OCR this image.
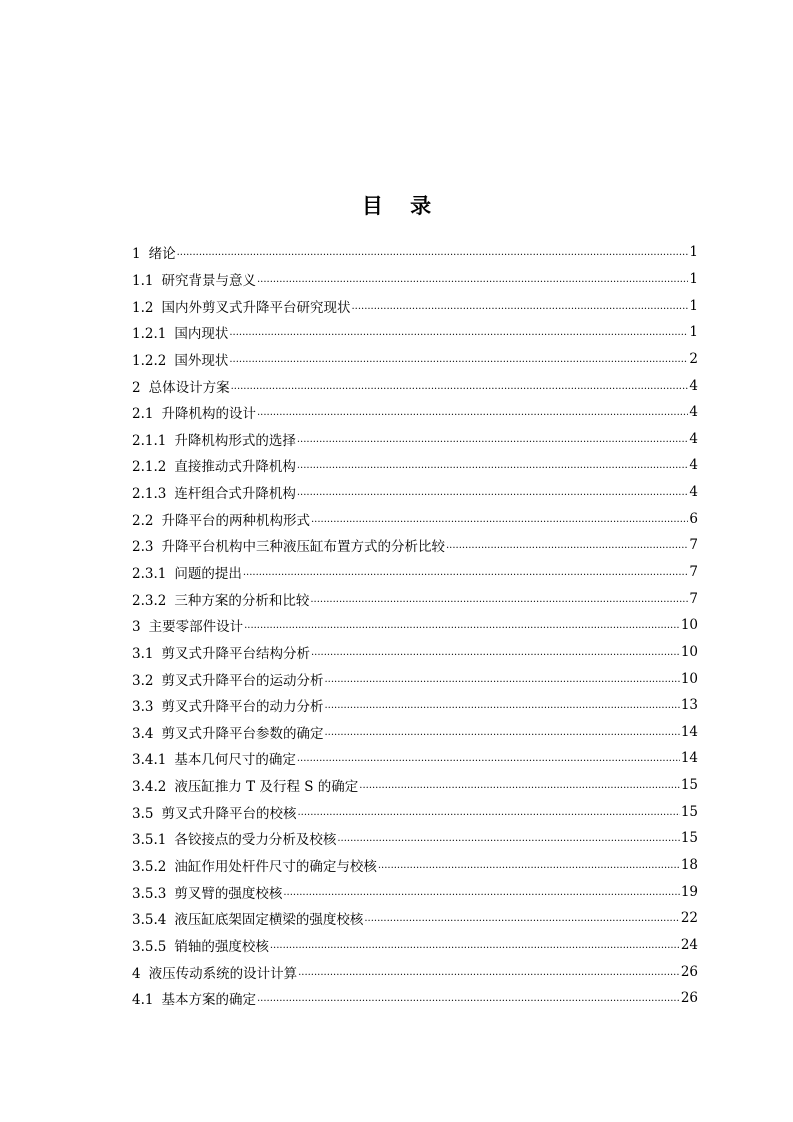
目 录
1 绪论 .....	1
1.1 研究背景与意义 .....	1
1.2 国内外剪叉式升降平台研究现状 .....	1
1.2.1 国内现状 .....	1
1.2.2 国外现状 .....	2
2 总体设计方案 .....	4
2.1 升降机构的设计 .....	4
2.1.1 升降机构形式的选择 .....	4
2.1.2 直接推动式升降机构 .....	4
2.1.3 连杆组合式升降机构 .....	4
2.2 升降平台的两种机构形式 .....	6
2.3 升降平台机构中三种液压缸布置方式的分析比较 .....	7
2.3.1 问题的提出 .....	7
2.3.2 三种方案的分析和比较 .....	7
3 主要零部件设计 .....	10
3.1 剪叉式升降平台结构分析 .....	10
3.2 剪叉式升降平台的运动分析 .....	10
3.3 剪叉式升降平台的动力分析 .....	13
3.4 剪叉式升降平台参数的确定 .....	14
3.4.1 基本几何尺寸的确定 .....	14
3.4.2 液压缸推力 T 及行程 S 的确定 .....	15
3.5 剪叉式升降平台的校核 .....	15
3.5.1 各铰接点的受力分析及校核 .....	15
3.5.2 油缸作用处杆件尺寸的确定与校核 .....	18
3.5.3 剪叉臂的强度校核 .....	19
3.5.4 液压缸底架固定横梁的强度校核 .....	22
3.5.5 销轴的强度校核 .....	24
4 液压传动系统的设计计算 .....	26
4.1 基本方案的确定 .....	26
